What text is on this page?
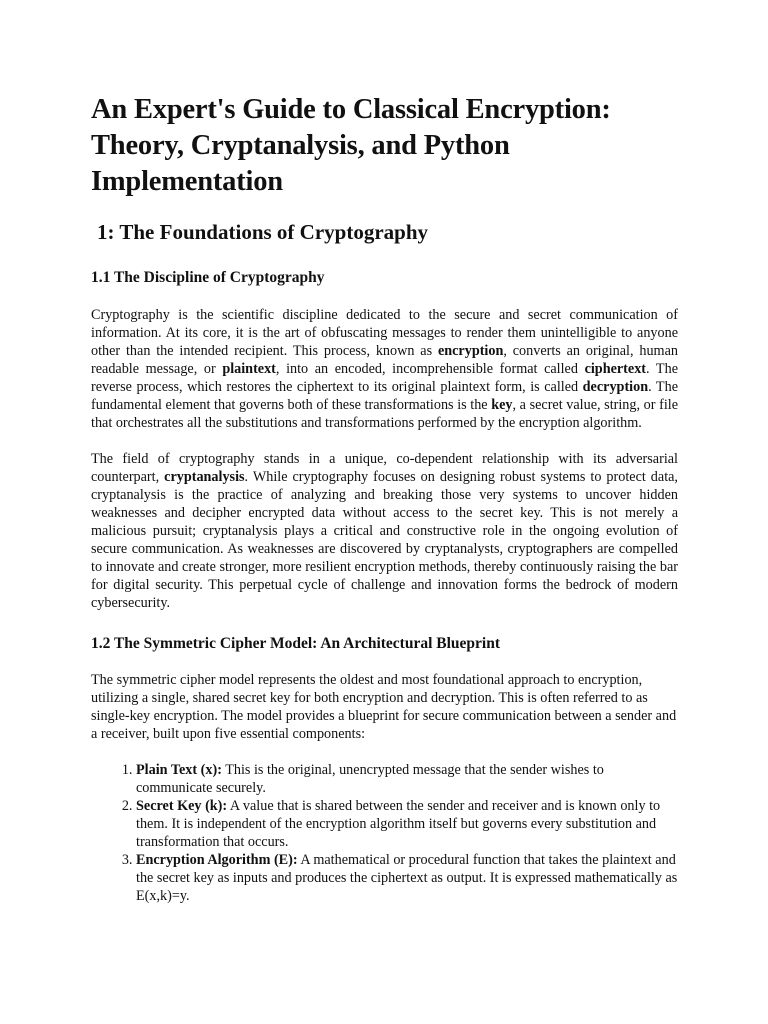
An Expert's Guide to Classical Encryption: Theory, Cryptanalysis, and Python Implementation
1: The Foundations of Cryptography
1.1 The Discipline of Cryptography

Cryptography is the scientific discipline dedicated to the secure and secret communication of information. At its core, it is the art of obfuscating messages to render them unintelligible to anyone other than the intended recipient. This process, known as encryption, converts an original, human readable message, or plaintext, into an encoded, incomprehensible format called ciphertext. The reverse process, which restores the ciphertext to its original plaintext form, is called decryption. The fundamental element that governs both of these transformations is the key, a secret value, string, or file that orchestrates all the substitutions and transformations performed by the encryption algorithm.

The field of cryptography stands in a unique, co-dependent relationship with its adversarial counterpart, cryptanalysis. While cryptography focuses on designing robust systems to protect data, cryptanalysis is the practice of analyzing and breaking those very systems to uncover hidden weaknesses and decipher encrypted data without access to the secret key. This is not merely a malicious pursuit; cryptanalysis plays a critical and constructive role in the ongoing evolution of secure communication. As weaknesses are discovered by cryptanalysts, cryptographers are compelled to innovate and create stronger, more resilient encryption methods, thereby continuously raising the bar for digital security. This perpetual cycle of challenge and innovation forms the bedrock of modern cybersecurity.

1.2 The Symmetric Cipher Model: An Architectural Blueprint

The symmetric cipher model represents the oldest and most foundational approach to encryption, utilizing a single, shared secret key for both encryption and decryption. This is often referred to as single-key encryption. The model provides a blueprint for secure communication between a sender and a receiver, built upon five essential components:

1. Plain Text (x): This is the original, unencrypted message that the sender wishes to communicate securely.
2. Secret Key (k): A value that is shared between the sender and receiver and is known only to them. It is independent of the encryption algorithm itself but governs every substitution and transformation that occurs.
3. Encryption Algorithm (E): A mathematical or procedural function that takes the plaintext and the secret key as inputs and produces the ciphertext as output. It is expressed mathematically as E(x,k)=y.
